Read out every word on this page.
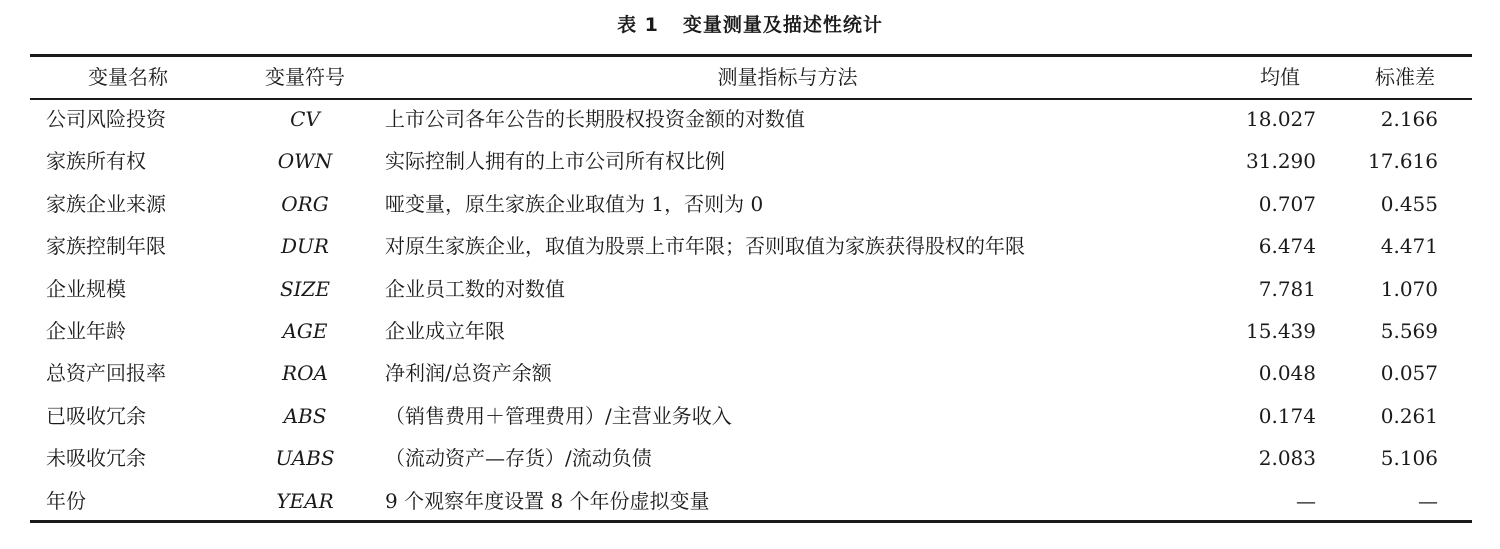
表 1 变量测量及描述性统计
变量名称	变量符号	测量指标与方法	均值	标准差
公司风险投资	CV	上市公司各年公告的长期股权投资金额的对数值	18.027	2.166
家族所有权	OWN	实际控制人拥有的上市公司所有权比例	31.290	17.616
家族企业来源	ORG	哑变量，原生家族企业取值为 1，否则为 0	0.707	0.455
家族控制年限	DUR	对原生家族企业，取值为股票上市年限；否则取值为家族获得股权的年限	6.474	4.471
企业规模	SIZE	企业员工数的对数值	7.781	1.070
企业年龄	AGE	企业成立年限	15.439	5.569
总资产回报率	ROA	净利润/总资产余额	0.048	0.057
已吸收冗余	ABS	（销售费用＋管理费用）/主营业务收入	0.174	0.261
未吸收冗余	UABS	（流动资产—存货）/流动负债	2.083	5.106
年份	YEAR	9 个观察年度设置 8 个年份虚拟变量	—	—
